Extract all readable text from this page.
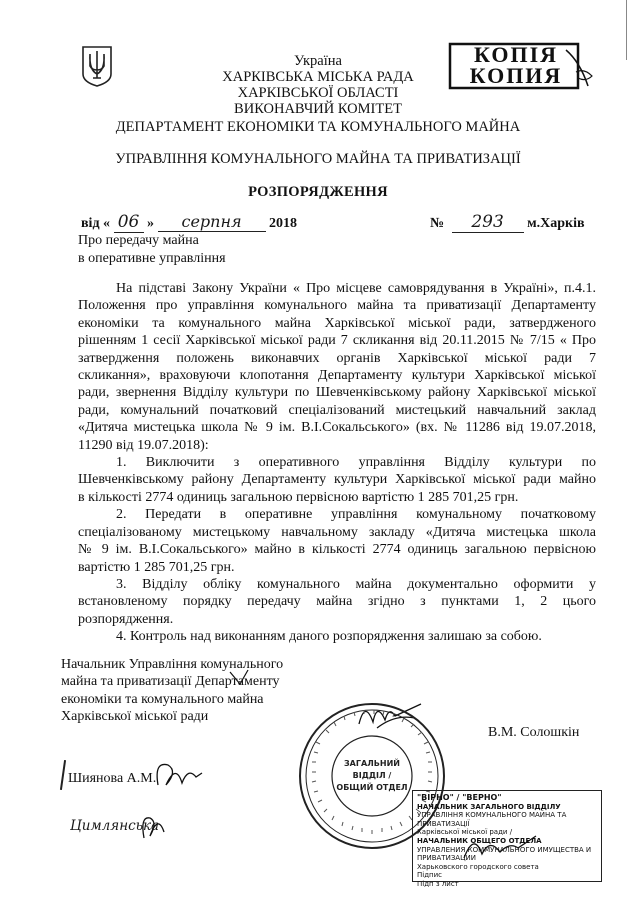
КОПІЯ
КОПИЯ
Україна
ХАРКІВСЬКА МІСЬКА РАДА
ХАРКІВСЬКОЇ ОБЛАСТІ
ВИКОНАВЧИЙ КОМІТЕТ
ДЕПАРТАМЕНТ ЕКОНОМІКИ ТА КОМУНАЛЬНОГО МАЙНА
УПРАВЛІННЯ КОМУНАЛЬНОГО МАЙНА ТА ПРИВАТИЗАЦІЇ
РОЗПОРЯДЖЕННЯ
від « 06 » серпня 2018	№ 293 м.Харків
Про передачу майна
в оперативне управління
На підставі Закону України « Про місцеве самоврядування в Україні», п.4.1.
Положення про управління комунального майна та приватизації Департаменту
економіки та комунального майна Харківської міської ради, затвердженого
рішенням 1 сесії Харківської міської ради 7 скликання від 20.11.2015 № 7/15 « Про
затвердження положень виконавчих органів Харківської міської ради 7
скликання», враховуючи клопотання Департаменту культури Харківської міської
ради, звернення Відділу культури по Шевченківському району Харківської міської
ради, комунальний початковий спеціалізований мистецький навчальний заклад
«Дитяча мистецька школа № 9 ім. В.І.Сокальського» (вх. № 11286 від 19.07.2018,
11290 від 19.07.2018):
1. Виключити з оперативного управління Відділу культури по
Шевченківському району Департаменту культури Харківської міської ради майно
в кількості 2774 одиниць загальною первісною вартістю 1 285 701,25 грн.
2. Передати в оперативне управління комунальному початковому
спеціалізованому мистецькому навчальному закладу «Дитяча мистецька школа
№ 9 ім. В.І.Сокальського» майно в кількості 2774 одиниць загальною первісною
вартістю 1 285 701,25 грн.
3. Відділу обліку комунального майна документально оформити у
встановленому порядку передачу майна згідно з пунктами 1, 2 цього
розпорядження.
4. Контроль над виконанням даного розпорядження залишаю за собою.
Начальник Управління комунального
майна та приватизації Департаменту
економіки та комунального майна
Харківської міської ради
В.М. Солошкін
ЗАГАЛЬНИЙ
ВІДДІЛ /
ОБЩИЙ ОТДЕЛ
"ВІРНО" / "ВЕРНО"
НАЧАЛЬНИК ЗАГАЛЬНОГО ВІДДІЛУ
УПРАВЛІННЯ КОМУНАЛЬНОГО МАЙНА ТА ПРИВАТИЗАЦІЇ
Харківської міської ради /
НАЧАЛЬНИК ОБЩЕГО ОТДЕЛА
УПРАВЛЕНИЯ КОММУНАЛЬНОГО ИМУЩЕСТВА И ПРИВАТИЗАЦИИ
Харьковского городского совета
Підпис
Підп з лист
Шиянова А.М.
Цимлянська
